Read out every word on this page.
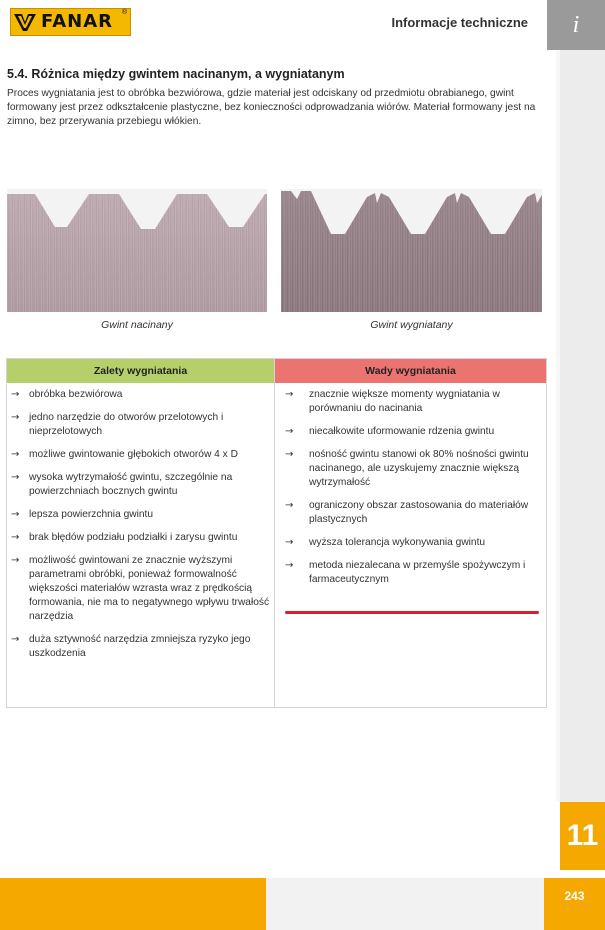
FANAR	®
Informacje techniczne	i
5.4. Różnica między gwintem nacinanym, a wygniatanym
Proces wygniatania jest to obróbka bezwiórowa, gdzie materiał jest odciskany od przedmiotu obrabianego, gwint formowany jest przez odkształcenie plastyczne, bez konieczności odprowadzania wiórów. Materiał formowany jest na zimno, bez przerywania przebiegu włókien.
Gwint nacinany	Gwint wygniatany
Zalety wygniatania
→ obróbka bezwiórowa
→ jedno narzędzie do otworów przelotowych i nieprzelotowych
→ możliwe gwintowanie głębokich otworów 4 x D
→ wysoka wytrzymałość gwintu, szczególnie na powierzchniach bocznych gwintu
→ lepsza powierzchnia gwintu
→ brak błędów podziału podziałki i zarysu gwintu
→ możliwość gwintowani ze znacznie wyższymi parametrami obróbki, ponieważ formowalność większości materiałów wzrasta wraz z prędkością formowania, nie ma to negatywnego wpływu trwałość narzędzia
→ duża sztywność narzędzia zmniejsza ryzyko jego uszkodzenia
Wady wygniatania
→ znacznie większe momenty wygniatania w porównaniu do nacinania
→ niecałkowite uformowanie rdzenia gwintu
→ nośność gwintu stanowi ok 80% nośności gwintu nacinanego, ale uzyskujemy znacznie większą wytrzymałość
→ ograniczony obszar zastosowania do materiałów plastycznych
→ wyższa tolerancja wykonywania gwintu
→ metoda niezalecana w przemyśle spożywczym i farmaceutycznym
11
243
